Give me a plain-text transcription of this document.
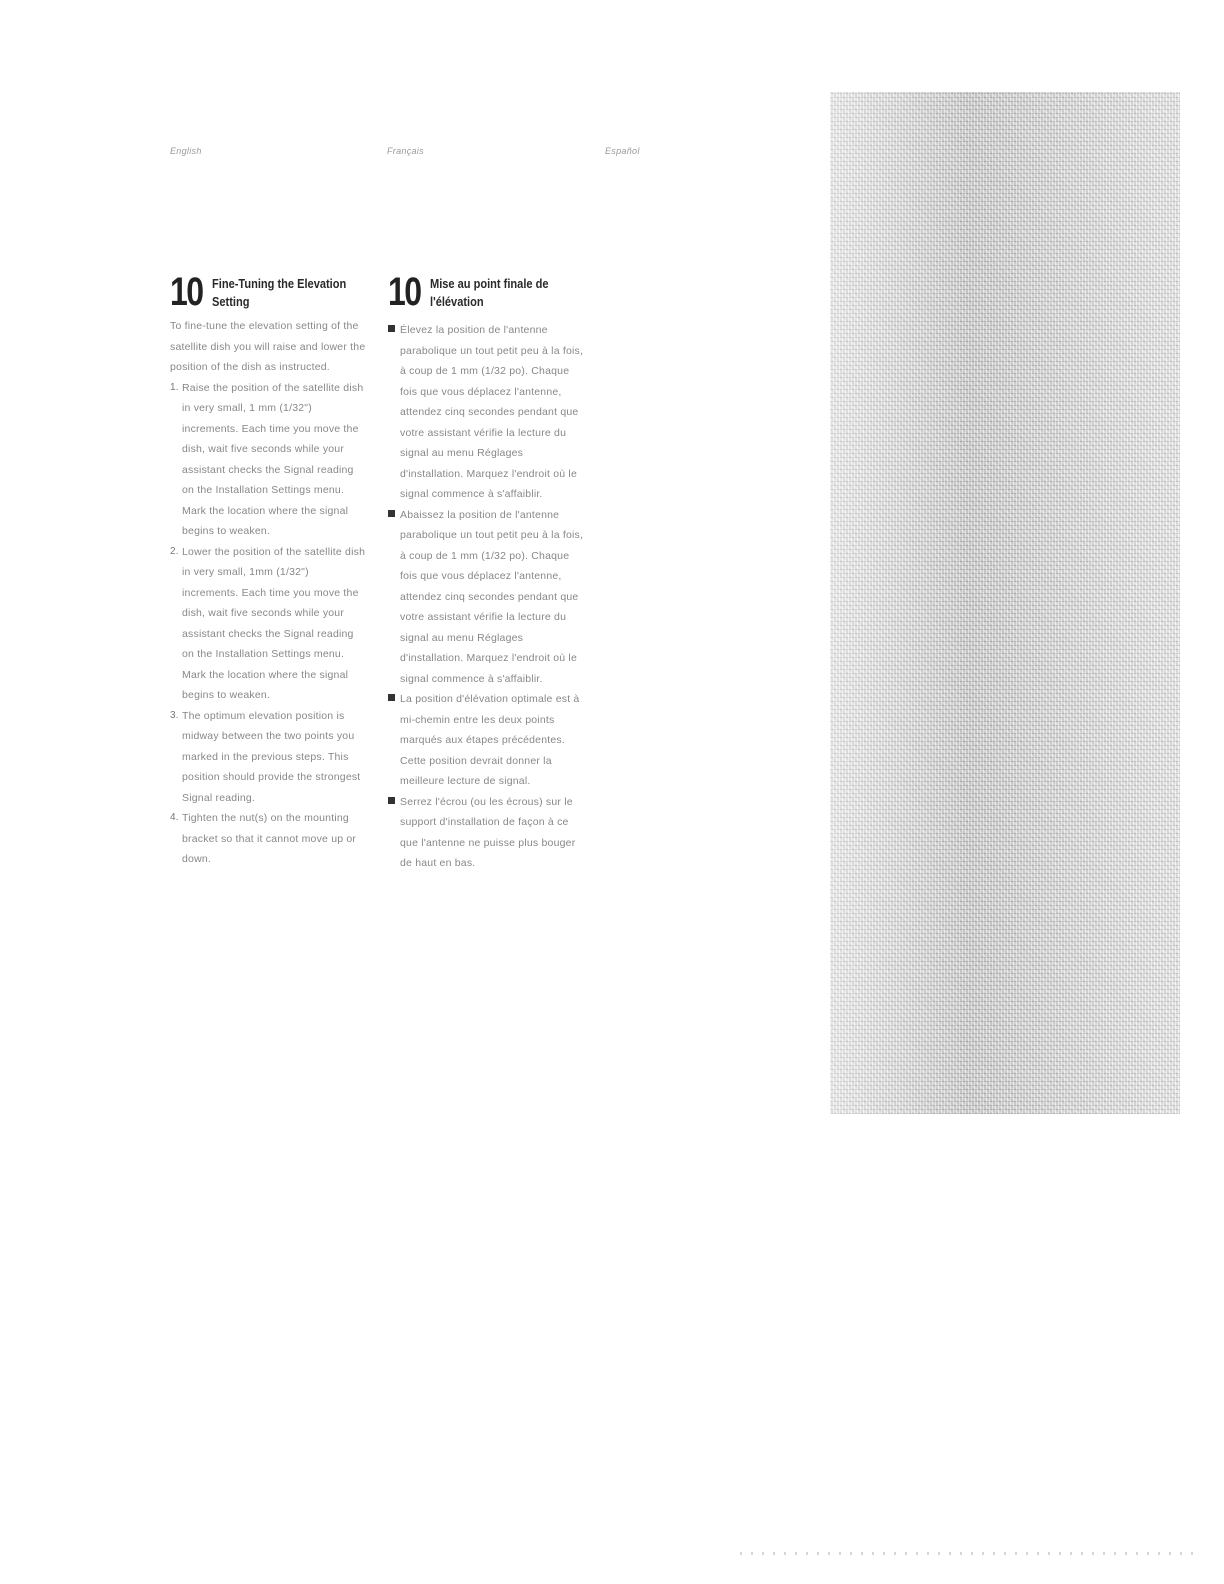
English	Français	Español
10 Fine-Tuning the Elevation Setting
To fine-tune the elevation setting of the satellite dish you will raise and lower the position of the dish as instructed.
1. Raise the position of the satellite dish in very small, 1 mm (1/32") increments. Each time you move the dish, wait five seconds while your assistant checks the Signal reading on the Installation Settings menu. Mark the location where the signal begins to weaken.
2. Lower the position of the satellite dish in very small, 1mm (1/32") increments. Each time you move the dish, wait five seconds while your assistant checks the Signal reading on the Installation Settings menu. Mark the location where the signal begins to weaken.
3. The optimum elevation position is midway between the two points you marked in the previous steps. This position should provide the strongest Signal reading.
4. Tighten the nut(s) on the mounting bracket so that it cannot move up or down.
10 Mise au point finale de l'élévation
Élevez la position de l'antenne parabolique un tout petit peu à la fois, à coup de 1 mm (1/32 po). Chaque fois que vous déplacez l'antenne, attendez cinq secondes pendant que votre assistant vérifie la lecture du signal au menu Réglages d'installation. Marquez l'endroit où le signal commence à s'affaiblir.
Abaissez la position de l'antenne parabolique un tout petit peu à la fois, à coup de 1 mm (1/32 po). Chaque fois que vous déplacez l'antenne, attendez cinq secondes pendant que votre assistant vérifie la lecture du signal au menu Réglages d'installation. Marquez l'endroit où le signal commence à s'affaiblir.
La position d'élévation optimale est à mi-chemin entre les deux points marqués aux étapes précédentes. Cette position devrait donner la meilleure lecture de signal.
Serrez l'écrou (ou les écrous) sur le support d'installation de façon à ce que l'antenne ne puisse plus bouger de haut en bas.
